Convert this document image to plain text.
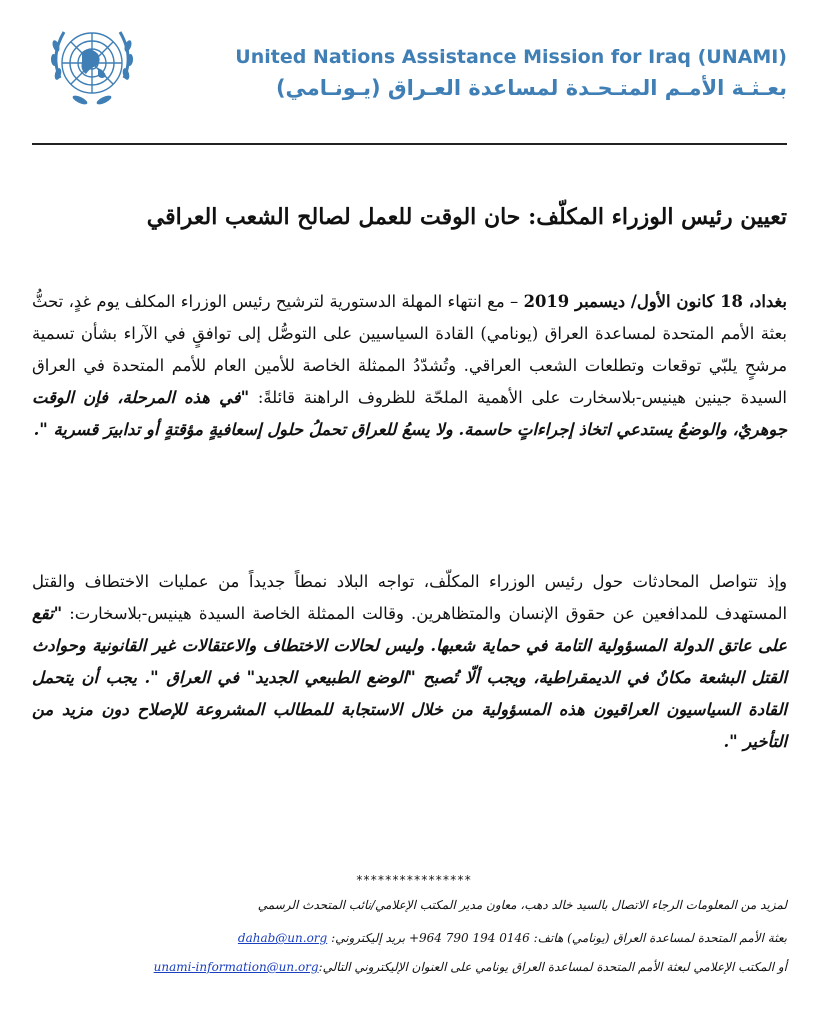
United Nations Assistance Mission for Iraq (UNAMI)
بعـثـة الأمـم المتـحـدة لمساعدة العـراق (يـونـامي)
تعيين رئيس الوزراء المكلّف: حان الوقت للعمل لصالح الشعب العراقي
بغداد، 18 كانون الأول/ ديسمبر 2019 – مع انتهاء المهلة الدستورية لترشيح رئيس الوزراء المكلف يوم غدٍ، تحثُّ بعثة الأمم المتحدة لمساعدة العراق (يونامي) القادة السياسيين على التوصُّل إلى توافقٍ في الآراء بشأن تسمية مرشحٍ يلبّي توقعات وتطلعات الشعب العراقي. وتُشدّدُ الممثلة الخاصة للأمين العام للأمم المتحدة في العراق السيدة جينين هينيس-بلاسخارت على الأهمية الملحّة للظروف الراهنة قائلةً: "في هذه المرحلة، فإن الوقت جوهريٌ، والوضعُ يستدعي اتخاذ إجراءاتٍ حاسمة. ولا يسعُ للعراق تحملُ حلول إسعافيةٍ مؤقتةٍ أو تدابيرَ قسرية ".
وإذ تتواصل المحادثات حول رئيس الوزراء المكلّف، تواجه البلاد نمطاً جديداً من عمليات الاختطاف والقتل المستهدف للمدافعين عن حقوق الإنسان والمتظاهرين. وقالت الممثلة الخاصة السيدة هينيس-بلاسخارت: "تقع على عاتق الدولة المسؤولية التامة في حماية شعبها. وليس لحالات الاختطاف والاعتقالات غير القانونية وحوادث القتل البشعة مكانٌ في الديمقراطية، ويجب ألّا تُصبح "الوضع الطبيعي الجديد" في العراق ". يجب أن يتحمل القادة السياسيون العراقيون هذه المسؤولية من خلال الاستجابة للمطالب المشروعة للإصلاح دون مزيد من التأخير ".
****************
لمزيد من المعلومات الرجاء الاتصال بالسيد خالد دهب، معاون مدير المكتب الإعلامي/نائب المتحدث الرسمي
بعثة الأمم المتحدة لمساعدة العراق (يونامي) هاتف: 0146 194 790 964+ بريد إليكتروني: dahab@un.org
أو المكتب الإعلامي لبعثة الأمم المتحدة لمساعدة العراق يونامي على العنوان الإليكتروني التالي:unami-information@un.org
